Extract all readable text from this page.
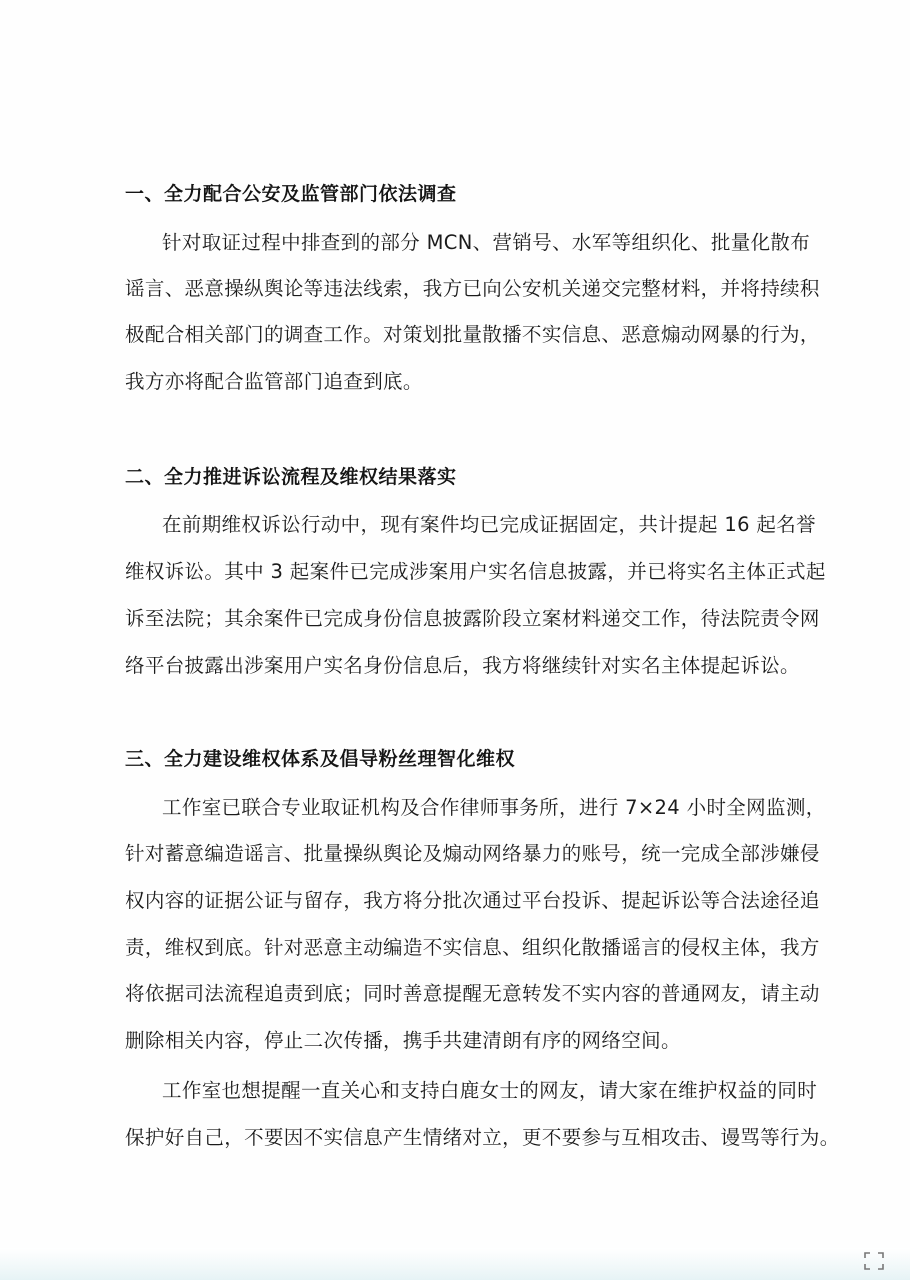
一、全力配合公安及监管部门依法调查
针对取证过程中排查到的部分 MCN、营销号、水军等组织化、批量化散布
谣言、恶意操纵舆论等违法线索，我方已向公安机关递交完整材料，并将持续积
极配合相关部门的调查工作。对策划批量散播不实信息、恶意煽动网暴的行为，
我方亦将配合监管部门追查到底。
二、全力推进诉讼流程及维权结果落实
在前期维权诉讼行动中，现有案件均已完成证据固定，共计提起 16 起名誉
维权诉讼。其中 3 起案件已完成涉案用户实名信息披露，并已将实名主体正式起
诉至法院；其余案件已完成身份信息披露阶段立案材料递交工作，待法院责令网
络平台披露出涉案用户实名身份信息后，我方将继续针对实名主体提起诉讼。
三、全力建设维权体系及倡导粉丝理智化维权
工作室已联合专业取证机构及合作律师事务所，进行 7×24 小时全网监测，
针对蓄意编造谣言、批量操纵舆论及煽动网络暴力的账号，统一完成全部涉嫌侵
权内容的证据公证与留存，我方将分批次通过平台投诉、提起诉讼等合法途径追
责，维权到底。针对恶意主动编造不实信息、组织化散播谣言的侵权主体，我方
将依据司法流程追责到底；同时善意提醒无意转发不实内容的普通网友，请主动
删除相关内容，停止二次传播，携手共建清朗有序的网络空间。
工作室也想提醒一直关心和支持白鹿女士的网友，请大家在维护权益的同时
保护好自己，不要因不实信息产生情绪对立，更不要参与互相攻击、谩骂等行为。
